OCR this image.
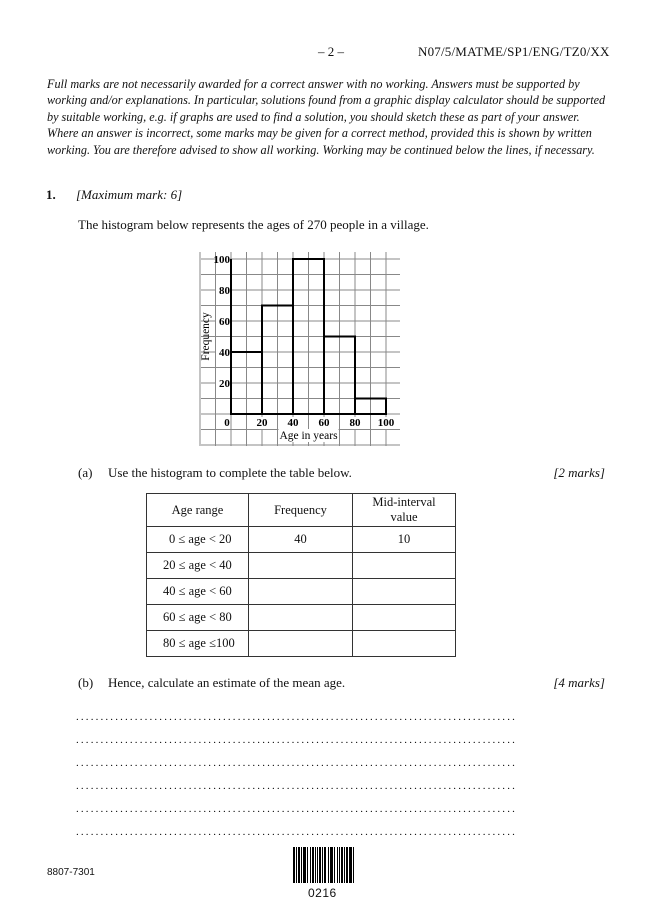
– 2 –	N07/5/MATME/SP1/ENG/TZ0/XX
Full marks are not necessarily awarded for a correct answer with no working. Answers must be supported by working and/or explanations. In particular, solutions found from a graphic display calculator should be supported by suitable working, e.g. if graphs are used to find a solution, you should sketch these as part of your answer. Where an answer is incorrect, some marks may be given for a correct method, provided this is shown by written working. You are therefore advised to show all working. Working may be continued below the lines, if necessary.
1. [Maximum mark: 6]
The histogram below represents the ages of 270 people in a village.
20
40
60
80
100
0 20 40 60 80 100
Age in years
Frequency
(a) Use the histogram to complete the table below.	[2 marks]
Age range	Frequency	Mid-interval value
0 ≤ age < 20	40	10
20 ≤ age < 40		
40 ≤ age < 60		
60 ≤ age < 80		
80 ≤ age ≤100		
(b) Hence, calculate an estimate of the mean age.	[4 marks]
..........................................................................................
..........................................................................................
..........................................................................................
..........................................................................................
..........................................................................................
..........................................................................................
8807-7301
0216
